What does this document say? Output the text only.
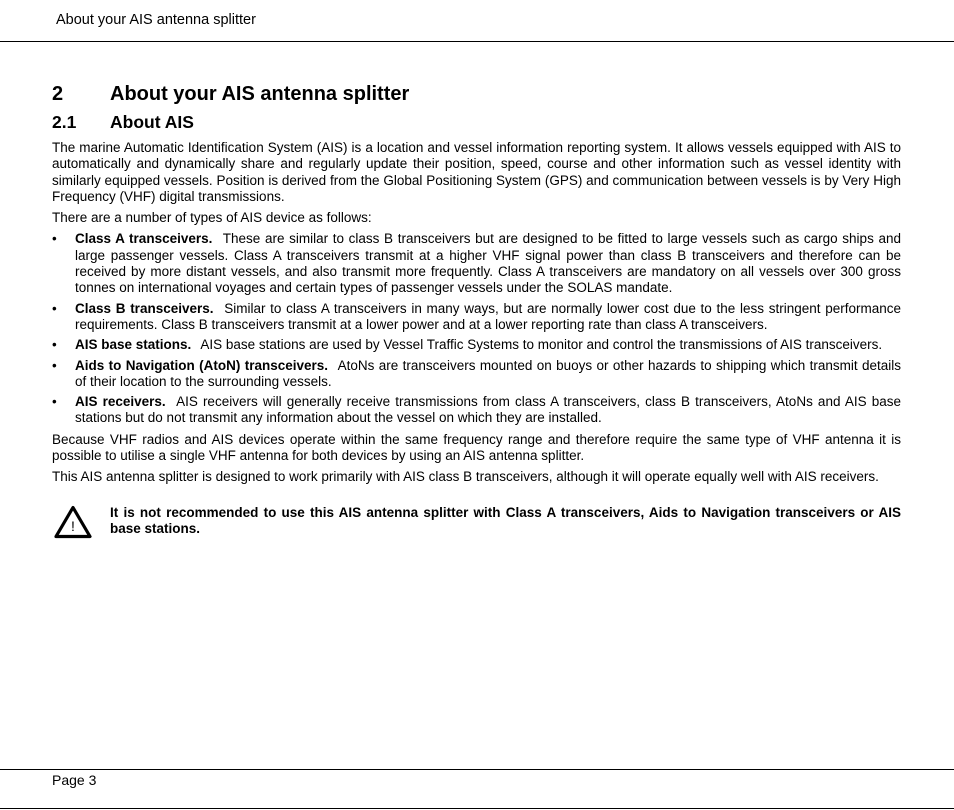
About your AIS antenna splitter
2 About your AIS antenna splitter
2.1 About AIS

The marine Automatic Identification System (AIS) is a location and vessel information reporting system. It allows vessels equipped with AIS to automatically and dynamically share and regularly update their position, speed, course and other information such as vessel identity with similarly equipped vessels. Position is derived from the Global Positioning System (GPS) and communication between vessels is by Very High Frequency (VHF) digital transmissions.

There are a number of types of AIS device as follows:

• Class A transceivers. These are similar to class B transceivers but are designed to be fitted to large vessels such as cargo ships and large passenger vessels. Class A transceivers transmit at a higher VHF signal power than class B transceivers and therefore can be received by more distant vessels, and also transmit more frequently. Class A transceivers are mandatory on all vessels over 300 gross tonnes on international voyages and certain types of passenger vessels under the SOLAS mandate.
• Class B transceivers. Similar to class A transceivers in many ways, but are normally lower cost due to the less stringent performance requirements. Class B transceivers transmit at a lower power and at a lower reporting rate than class A transceivers.
• AIS base stations. AIS base stations are used by Vessel Traffic Systems to monitor and control the transmissions of AIS transceivers.
• Aids to Navigation (AtoN) transceivers. AtoNs are transceivers mounted on buoys or other hazards to shipping which transmit details of their location to the surrounding vessels.
• AIS receivers. AIS receivers will generally receive transmissions from class A transceivers, class B transceivers, AtoNs and AIS base stations but do not transmit any information about the vessel on which they are installed.

Because VHF radios and AIS devices operate within the same frequency range and therefore require the same type of VHF antenna it is possible to utilise a single VHF antenna for both devices by using an AIS antenna splitter.

This AIS antenna splitter is designed to work primarily with AIS class B transceivers, although it will operate equally well with AIS receivers.

!
It is not recommended to use this AIS antenna splitter with Class A transceivers, Aids to Navigation transceivers or AIS base stations.
Page 3
